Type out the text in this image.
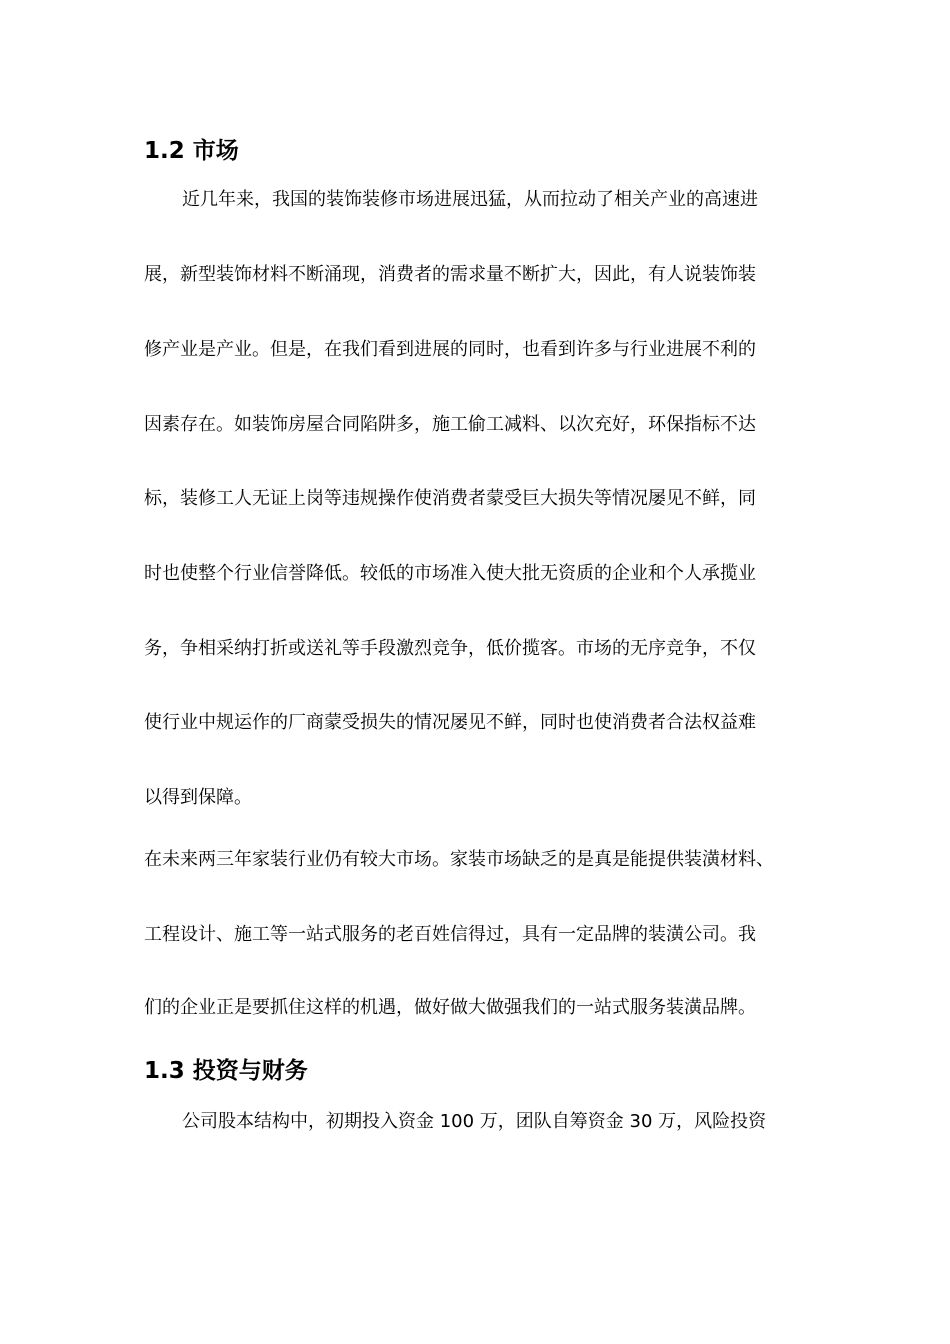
1.2 市场
近几年来，我国的装饰装修市场进展迅猛，从而拉动了相关产业的高速进
展，新型装饰材料不断涌现，消费者的需求量不断扩大，因此，有人说装饰装
修产业是产业。但是，在我们看到进展的同时，也看到许多与行业进展不利的
因素存在。如装饰房屋合同陷阱多，施工偷工减料、以次充好，环保指标不达
标，装修工人无证上岗等违规操作使消费者蒙受巨大损失等情况屡见不鲜，同
时也使整个行业信誉降低。较低的市场准入使大批无资质的企业和个人承揽业
务，争相采纳打折或送礼等手段激烈竞争，低价揽客。市场的无序竞争，不仅
使行业中规运作的厂商蒙受损失的情况屡见不鲜，同时也使消费者合法权益难
以得到保障。
在未来两三年家装行业仍有较大市场。家装市场缺乏的是真是能提供装潢材料、
工程设计、施工等一站式服务的老百姓信得过，具有一定品牌的装潢公司。我
们的企业正是要抓住这样的机遇，做好做大做强我们的一站式服务装潢品牌。
1.3 投资与财务
公司股本结构中，初期投入资金 100 万，团队自筹资金 30 万，风险投资
